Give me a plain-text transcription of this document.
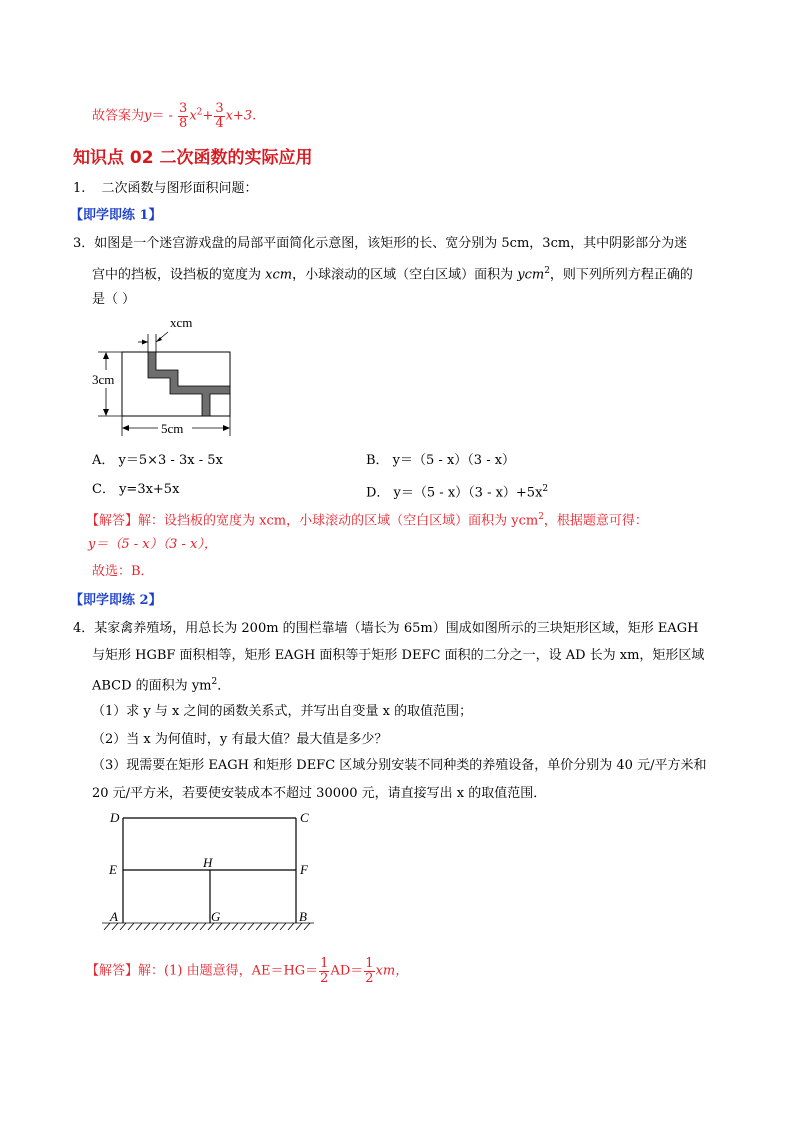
故答案为$y= - \frac{3}{8} x^2+ \frac{3}{4} x+3$.
知识点 02 二次函数的实际应用
1. 二次函数与图形面积问题：
【即学即练 1】
3．如图是一个迷宫游戏盘的局部平面简化示意图，该矩形的长、宽分别为 5cm，3cm，其中阴影部分为迷
宫中的挡板，设挡板的宽度为 xcm，小球滚动的区域（空白区域）面积为 ycm$^2$，则下列所列方程正确的
是（ ）
xcm
3cm
5cm
A． y＝5×3 - 3x - 5x	B． y＝（5 - x）（3 - x）
C． y=3x+5x	D． $y=(5 - x)(3 - x)+5x^2$
【解答】解：设挡板的宽度为 xcm，小球滚动的区域（空白区域）面积为 ycm$^2$，根据题意可得：
y＝（5 - x）（3 - x），
故选：B．
【即学即练 2】
4．某家禽养殖场，用总长为 200m 的围栏靠墙（墙长为 65m）围成如图所示的三块矩形区域，矩形 EAGH
与矩形 HGBF 面积相等，矩形 EAGH 面积等于矩形 DEFC 面积的二分之一，设 AD 长为 xm，矩形区域
ABCD 的面积为 $ym^2$．
（1）求 y 与 x 之间的函数关系式，并写出自变量 x 的取值范围；
（2）当 x 为何值时，y 有最大值？最大值是多少？
（3）现需要在矩形 EAGH 和矩形 DEFC 区域分别安装不同种类的养殖设备，单价分别为 40 元/平方米和
20 元/平方米，若要使安装成本不超过 30000 元，请直接写出 x 的取值范围．
D	C
E	H	F
A	G	B
【解答】解：(1) 由题意得，$AE=HG= \frac{1}{2} AD= \frac{1}{2}$ xm，
